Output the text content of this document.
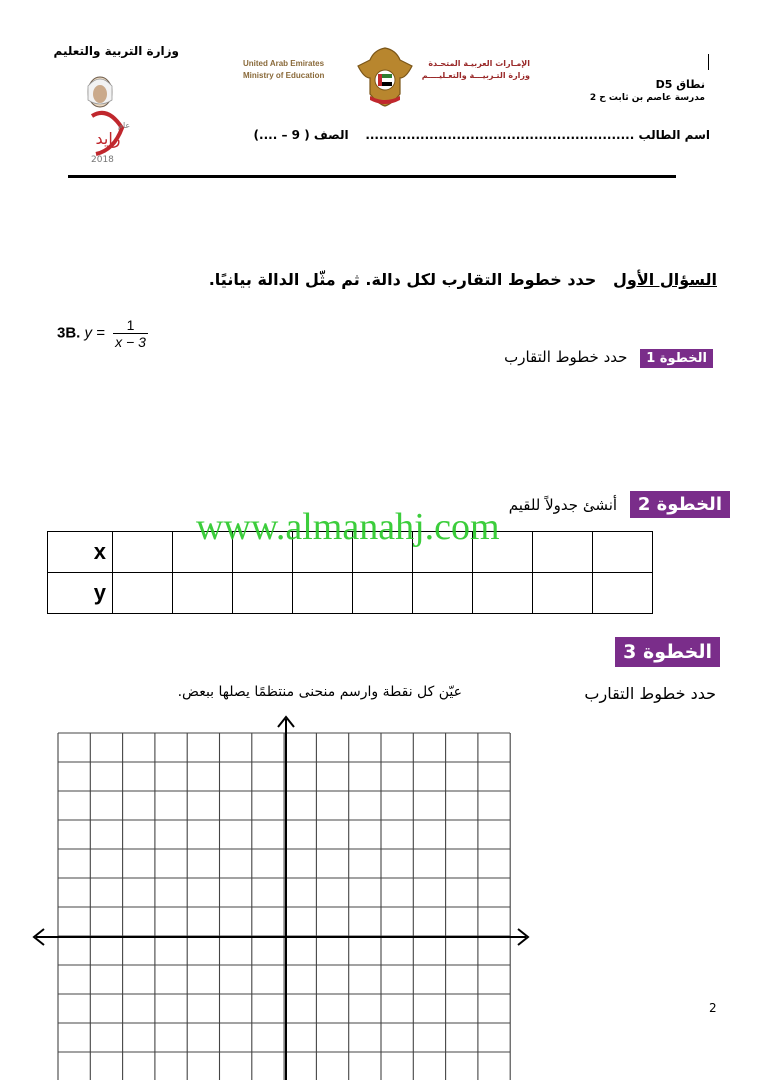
وزارة التربية والتعليم
عام
زايد
2018
United Arab Emirates
Ministry of Education
الإمـارات العربيـة المتحـدة
وزارة التـربيـــة والتعـليــــم
نطاق D5
مدرسة عاصم بن ثابت ح 2
اسم الطالب ...........................................................    الصف ( 9 – ....)
السؤال الأول   حدد خطوط التقارب لكل دالة. ثم مثّل الدالة بيانيًا.
3B. $y = \frac{1}{x - 3}$
الخطوة 1 حدد خطوط التقارب
الخطوة 2 أنشئ جدولاً للقيم
x									
y									
www.almanahj.com
الخطوة 3
حدد خطوط التقارب
عيّن كل نقطة وارسم منحنى منتظمًا يصلها ببعض.
2
